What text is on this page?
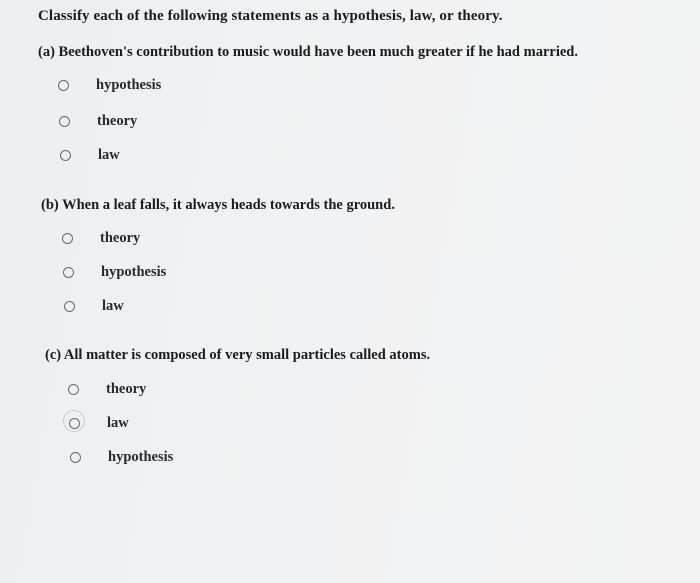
Classify each of the following statements as a hypothesis, law, or theory.
(a) Beethoven's contribution to music would have been much greater if he had married.
hypothesis
theory
law
(b) When a leaf falls, it always heads towards the ground.
theory
hypothesis
law
(c) All matter is composed of very small particles called atoms.
theory
law
hypothesis
